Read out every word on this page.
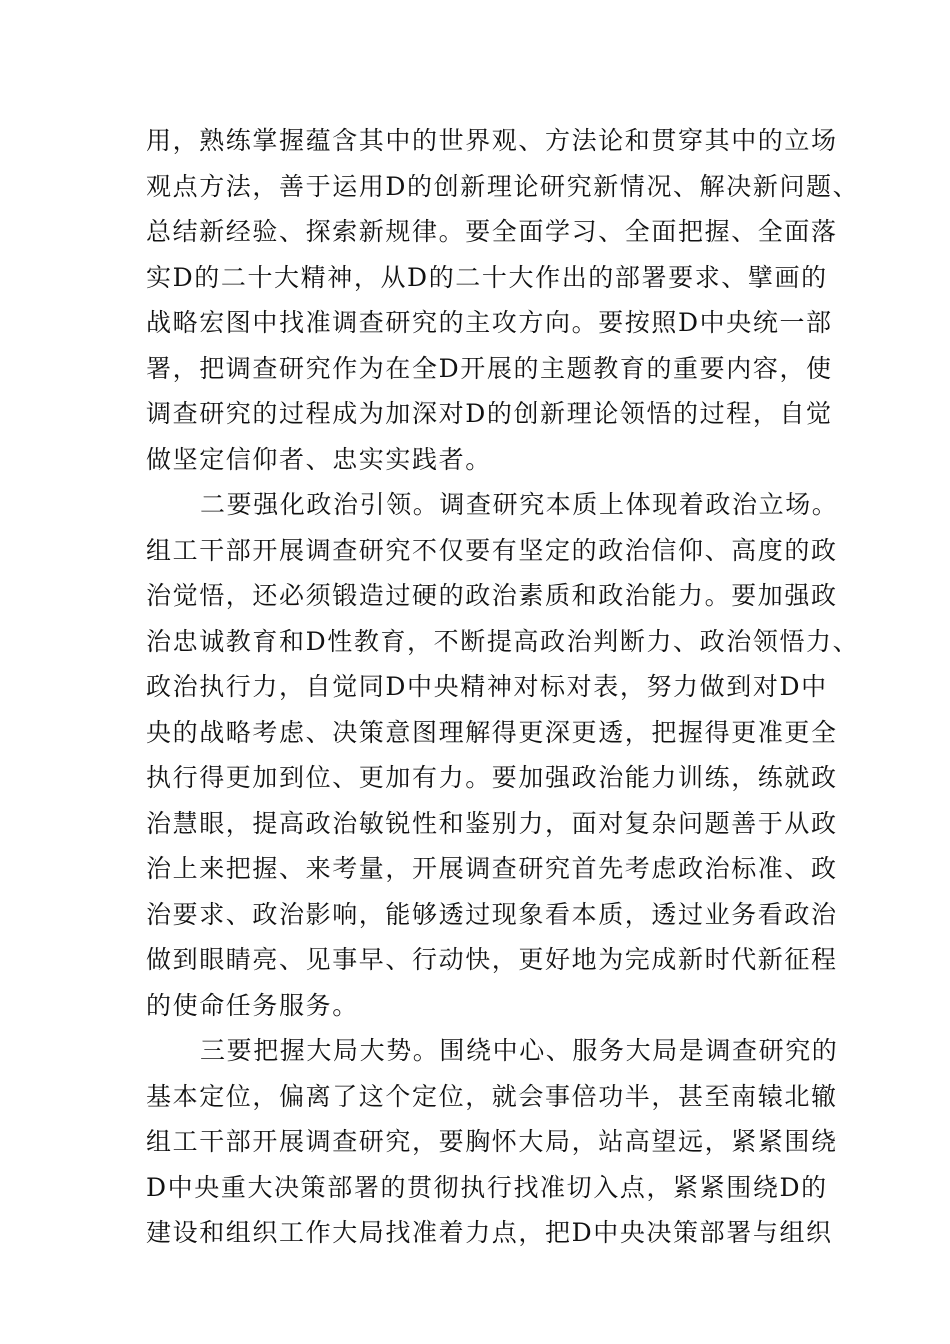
用，熟练掌握蕴含其中的世界观、方法论和贯穿其中的立场
观点方法，善于运用D的创新理论研究新情况、解决新问题、
总结新经验、探索新规律。要全面学习、全面把握、全面落
实D的二十大精神，从D的二十大作出的部署要求、擘画的
战略宏图中找准调查研究的主攻方向。要按照D中央统一部
署，把调查研究作为在全D开展的主题教育的重要内容，使
调查研究的过程成为加深对D的创新理论领悟的过程，自觉
做坚定信仰者、忠实实践者。
二要强化政治引领。调查研究本质上体现着政治立场。
组工干部开展调查研究不仅要有坚定的政治信仰、高度的政
治觉悟，还必须锻造过硬的政治素质和政治能力。要加强政
治忠诚教育和D性教育，不断提高政治判断力、政治领悟力、
政治执行力，自觉同D中央精神对标对表，努力做到对D中
央的战略考虑、决策意图理解得更深更透，把握得更准更全
执行得更加到位、更加有力。要加强政治能力训练，练就政
治慧眼，提高政治敏锐性和鉴别力，面对复杂问题善于从政
治上来把握、来考量，开展调查研究首先考虑政治标准、政
治要求、政治影响，能够透过现象看本质，透过业务看政治
做到眼睛亮、见事早、行动快，更好地为完成新时代新征程
的使命任务服务。
三要把握大局大势。围绕中心、服务大局是调查研究的
基本定位，偏离了这个定位，就会事倍功半，甚至南辕北辙
组工干部开展调查研究，要胸怀大局，站高望远，紧紧围绕
D中央重大决策部署的贯彻执行找准切入点，紧紧围绕D的
建设和组织工作大局找准着力点，把D中央决策部署与组织
